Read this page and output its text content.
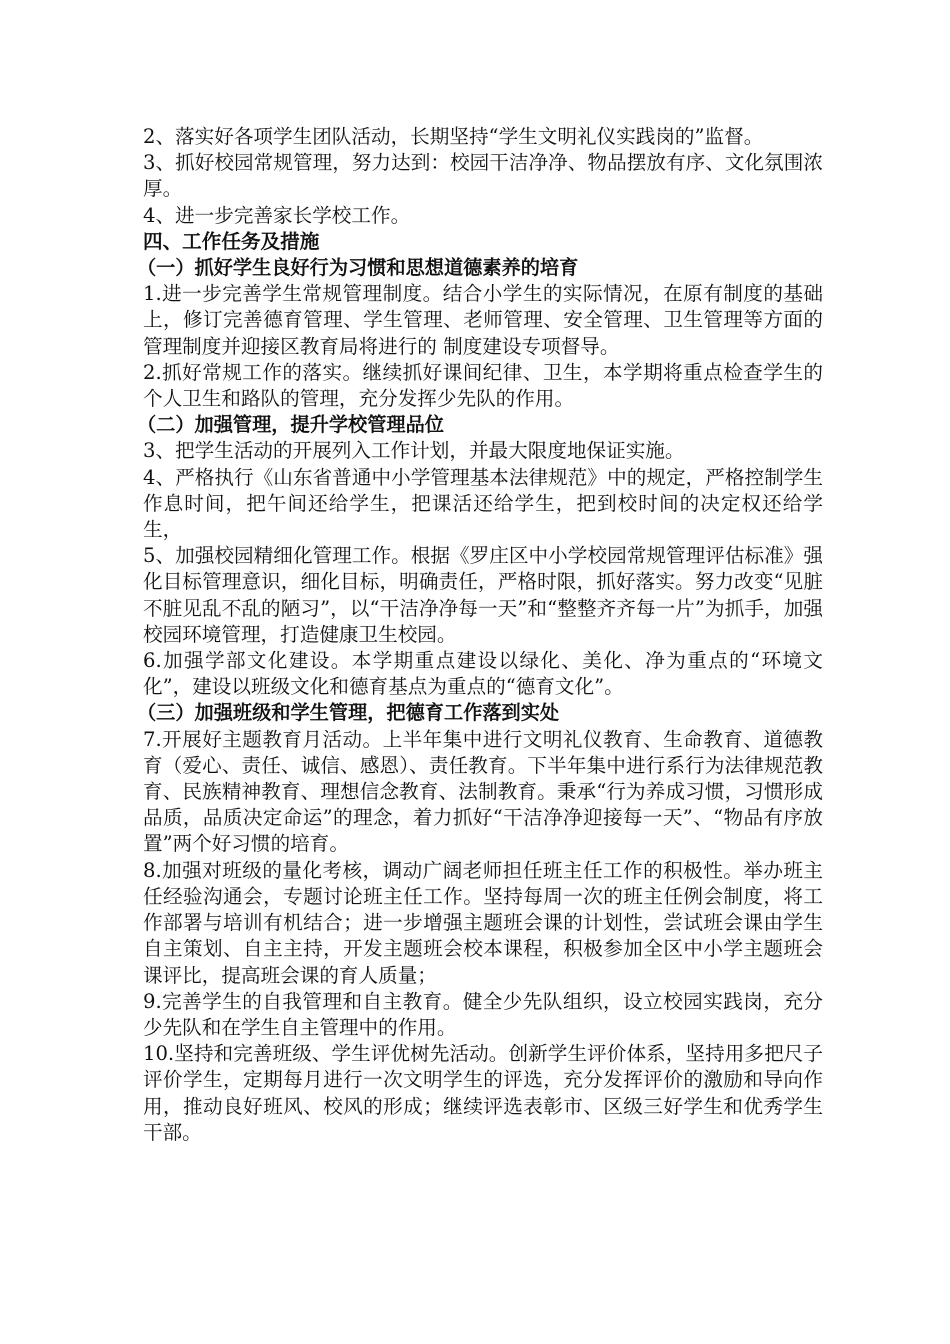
2、落实好各项学生团队活动，长期坚持“学生文明礼仪实践岗的”监督。

3、抓好校园常规管理，努力达到：校园干洁净净、物品摆放有序、文化氛围浓厚。

4、进一步完善家长学校工作。

四、工作任务及措施

（一）抓好学生良好行为习惯和思想道德素养的培育

1.进一步完善学生常规管理制度。结合小学生的实际情况，在原有制度的基础上，修订完善德育管理、学生管理、老师管理、安全管理、卫生管理等方面的管理制度并迎接区教育局将进行的 制度建设专项督导。

2.抓好常规工作的落实。继续抓好课间纪律、卫生，本学期将重点检查学生的个人卫生和路队的管理，充分发挥少先队的作用。

（二）加强管理，提升学校管理品位

3、把学生活动的开展列入工作计划，并最大限度地保证实施。

4、严格执行《山东省普通中小学管理基本法律规范》中的规定，严格控制学生作息时间，把午间还给学生，把课活还给学生，把到校时间的决定权还给学生，

5、加强校园精细化管理工作。根据《罗庄区中小学校园常规管理评估标准》强化目标管理意识，细化目标，明确责任，严格时限，抓好落实。努力改变“见脏不脏见乱不乱的陋习”，以“干洁净净每一天”和“整整齐齐每一片”为抓手，加强校园环境管理，打造健康卫生校园。

6.加强学部文化建设。本学期重点建设以绿化、美化、净为重点的“环境文化”，建设以班级文化和德育基点为重点的“德育文化”。

（三）加强班级和学生管理，把德育工作落到实处

7.开展好主题教育月活动。上半年集中进行文明礼仪教育、生命教育、道德教育（爱心、责任、诚信、感恩）、责任教育。下半年集中进行系行为法律规范教育、民族精神教育、理想信念教育、法制教育。秉承“行为养成习惯，习惯形成品质，品质决定命运”的理念，着力抓好“干洁净净迎接每一天”、“物品有序放置”两个好习惯的培育。

8.加强对班级的量化考核，调动广阔老师担任班主任工作的积极性。举办班主任经验沟通会，专题讨论班主任工作。坚持每周一次的班主任例会制度，将工作部署与培训有机结合；进一步增强主题班会课的计划性，尝试班会课由学生自主策划、自主主持，开发主题班会校本课程，积极参加全区中小学主题班会课评比，提高班会课的育人质量；

9.完善学生的自我管理和自主教育。健全少先队组织，设立校园实践岗，充分少先队和在学生自主管理中的作用。

10.坚持和完善班级、学生评优树先活动。创新学生评价体系，坚持用多把尺子评价学生，定期每月进行一次文明学生的评选，充分发挥评价的激励和导向作用，推动良好班风、校风的形成；继续评选表彰市、区级三好学生和优秀学生干部。
